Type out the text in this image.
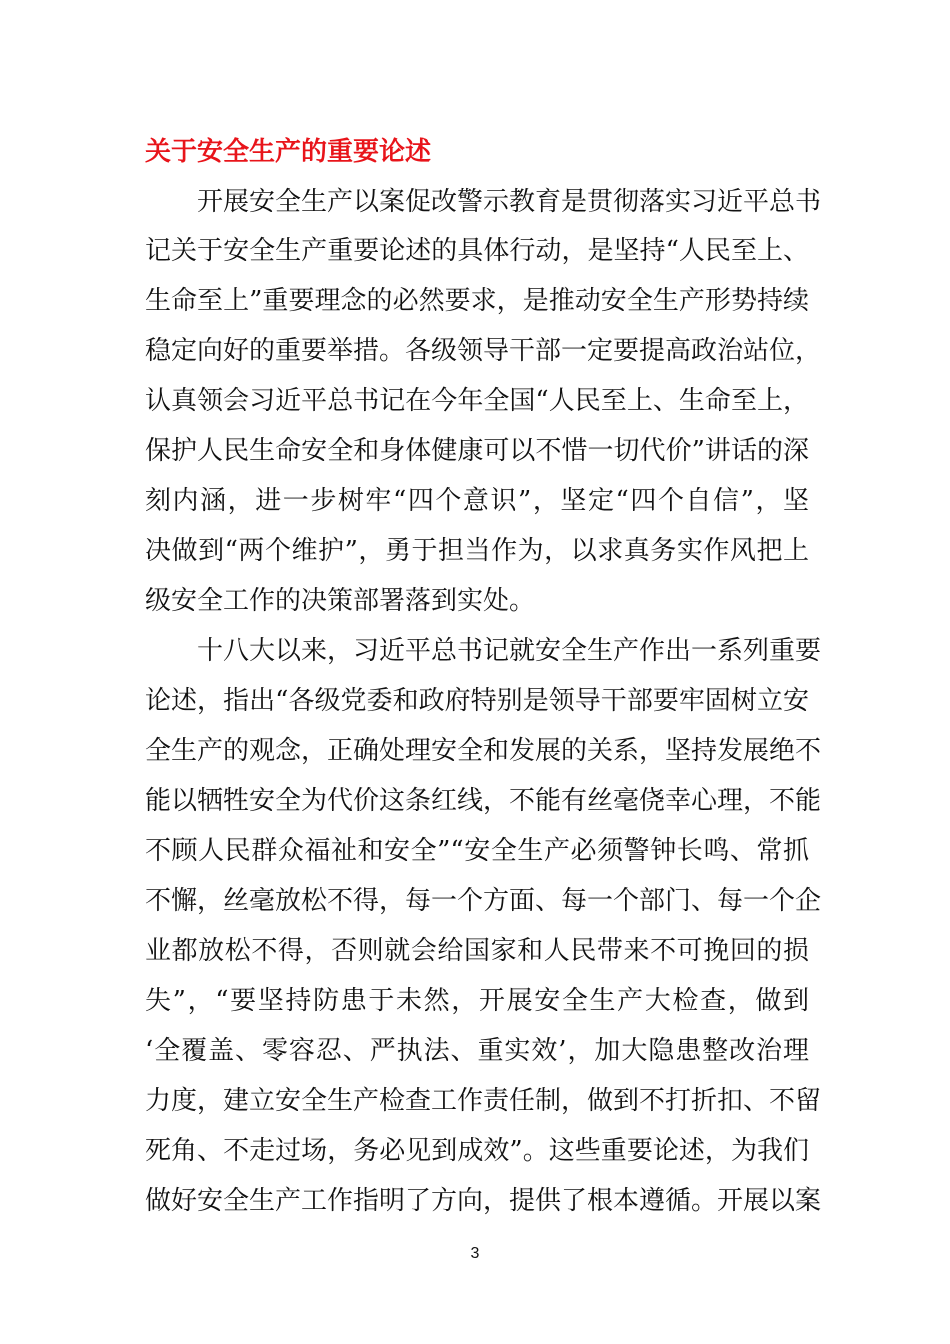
关于安全生产的重要论述
开展安全生产以案促改警示教育是贯彻落实习近平总书
记关于安全生产重要论述的具体行动，是坚持“人民至上、
生命至上”重要理念的必然要求，是推动安全生产形势持续
稳定向好的重要举措。各级领导干部一定要提高政治站位，
认真领会习近平总书记在今年全国“人民至上、生命至上，
保护人民生命安全和身体健康可以不惜一切代价”讲话的深
刻内涵，进一步树牢“四个意识”，坚定“四个自信”，坚
决做到“两个维护”，勇于担当作为，以求真务实作风把上
级安全工作的决策部署落到实处。
十八大以来，习近平总书记就安全生产作出一系列重要
论述，指出“各级党委和政府特别是领导干部要牢固树立安
全生产的观念，正确处理安全和发展的关系，坚持发展绝不
能以牺牲安全为代价这条红线，不能有丝毫侥幸心理，不能
不顾人民群众福祉和安全”“安全生产必须警钟长鸣、常抓
不懈，丝毫放松不得，每一个方面、每一个部门、每一个企
业都放松不得，否则就会给国家和人民带来不可挽回的损
失”，“要坚持防患于未然，开展安全生产大检查，做到
‘全覆盖、零容忍、严执法、重实效’，加大隐患整改治理
力度，建立安全生产检查工作责任制，做到不打折扣、不留
死角、不走过场，务必见到成效”。这些重要论述，为我们
做好安全生产工作指明了方向，提供了根本遵循。开展以案
3
